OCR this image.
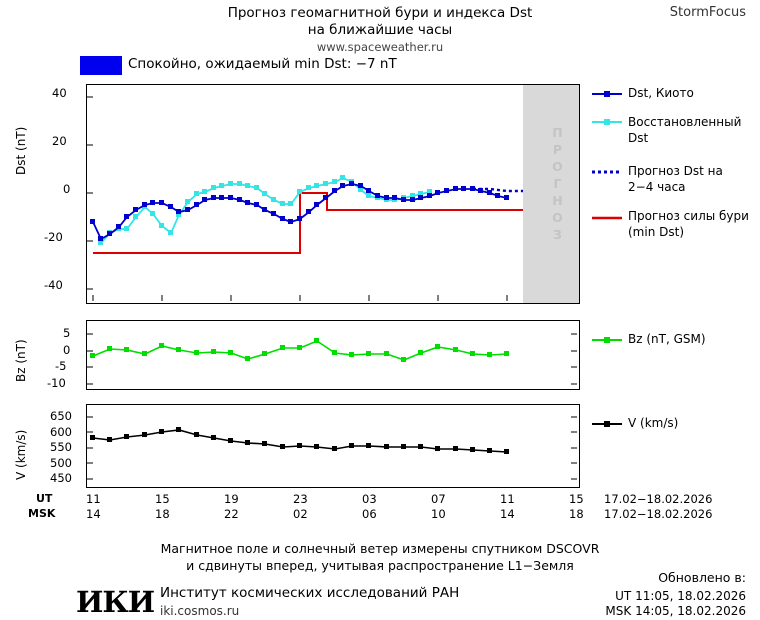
Прогноз геомагнитной бури и индекса Dst
на ближайшие часы
www.spaceweather.ru
StormFocus
Спокойно, ожидаемый min Dst: −7 nT
Dst (nT)
Bz (nT)
V (km/s)
ПРОГНОЗ
40
20
0
-20
-40
5
0
-5
-10
650
600
550
500
450
UT
MSK
11	15	19	23	03	07	11	15
14	18	22	02	06	10	14	18
17.02−18.02.2026
17.02−18.02.2026
Dst, Киото
Восстановленный Dst
Прогноз Dst на 2−4 часа
Прогноз силы бури (min Dst)
Bz (nT, GSM)
V (km/s)
Магнитное поле и солнечный ветер измерены спутником DSCOVR
и сдвинуты вперед, учитывая распространение L1−Земля
ИКИ Институт космических исследований РАН
iki.cosmos.ru
Обновлено в:
UT 11:05, 18.02.2026
MSK 14:05, 18.02.2026
